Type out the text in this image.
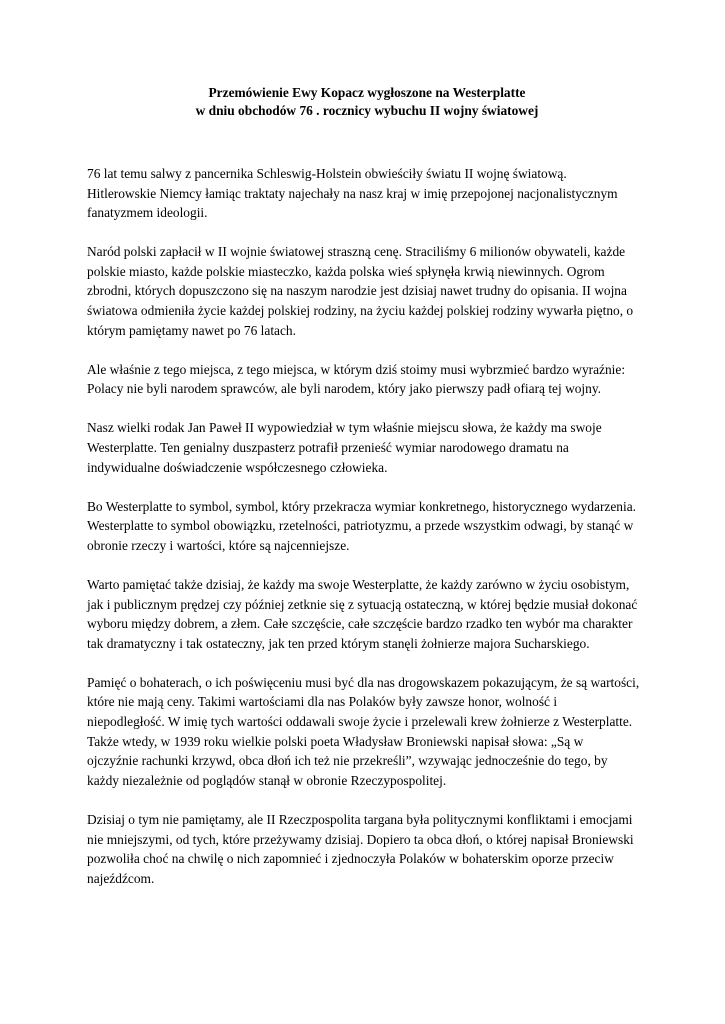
Przemówienie Ewy Kopacz wygłoszone na Westerplatte
w dniu obchodów 76 . rocznicy wybuchu II wojny światowej
76 lat temu salwy z pancernika Schleswig-Holstein obwieściły światu II wojnę światową.
Hitlerowskie Niemcy łamiąc traktaty najechały na nasz kraj w imię przepojonej nacjonalistycznym
fanatyzmem ideologii.
Naród polski zapłacił w II wojnie światowej straszną cenę. Straciliśmy 6 milionów obywateli, każde
polskie miasto, każde polskie miasteczko, każda polska wieś spłynęła krwią niewinnych. Ogrom
zbrodni, których dopuszczono się na naszym narodzie jest dzisiaj nawet trudny do opisania. II wojna
światowa odmieniła życie każdej polskiej rodziny, na życiu każdej polskiej rodziny wywarła piętno, o
którym pamiętamy nawet po 76 latach.
Ale właśnie z tego miejsca, z tego miejsca, w którym dziś stoimy musi wybrzmieć bardzo wyraźnie:
Polacy nie byli narodem sprawców, ale byli narodem, który jako pierwszy padł ofiarą tej wojny.
Nasz wielki rodak Jan Paweł II wypowiedział w tym właśnie miejscu słowa, że każdy ma swoje
Westerplatte. Ten genialny duszpasterz potrafił przenieść wymiar narodowego dramatu na
indywidualne doświadczenie współczesnego człowieka.
Bo Westerplatte to symbol, symbol, który przekracza wymiar konkretnego, historycznego wydarzenia.
Westerplatte to symbol obowiązku, rzetelności, patriotyzmu, a przede wszystkim odwagi, by stanąć w
obronie rzeczy i wartości, które są najcenniejsze.
Warto pamiętać także dzisiaj, że każdy ma swoje Westerplatte, że każdy zarówno w życiu osobistym,
jak i publicznym prędzej czy później zetknie się z sytuacją ostateczną, w której będzie musiał dokonać
wyboru między dobrem, a złem. Całe szczęście, całe szczęście bardzo rzadko ten wybór ma charakter
tak dramatyczny i tak ostateczny, jak ten przed którym stanęli żołnierze majora Sucharskiego.
Pamięć o bohaterach, o ich poświęceniu musi być dla nas drogowskazem pokazującym, że są wartości,
które nie mają ceny. Takimi wartościami dla nas Polaków były zawsze honor, wolność i
niepodległość. W imię tych wartości oddawali swoje życie i przelewali krew żołnierze z Westerplatte.
Także wtedy, w 1939 roku wielkie polski poeta Władysław Broniewski napisał słowa: „Są w
ojczyźnie rachunki krzywd, obca dłoń ich też nie przekreśli”, wzywając jednocześnie do tego, by
każdy niezależnie od poglądów stanął w obronie Rzeczypospolitej.
Dzisiaj o tym nie pamiętamy, ale II Rzeczpospolita targana była politycznymi konfliktami i emocjami
nie mniejszymi, od tych, które przeżywamy dzisiaj. Dopiero ta obca dłoń, o której napisał Broniewski
pozwoliła choć na chwilę o nich zapomnieć i zjednoczyła Polaków w bohaterskim oporze przeciw
najeźdźcom.
